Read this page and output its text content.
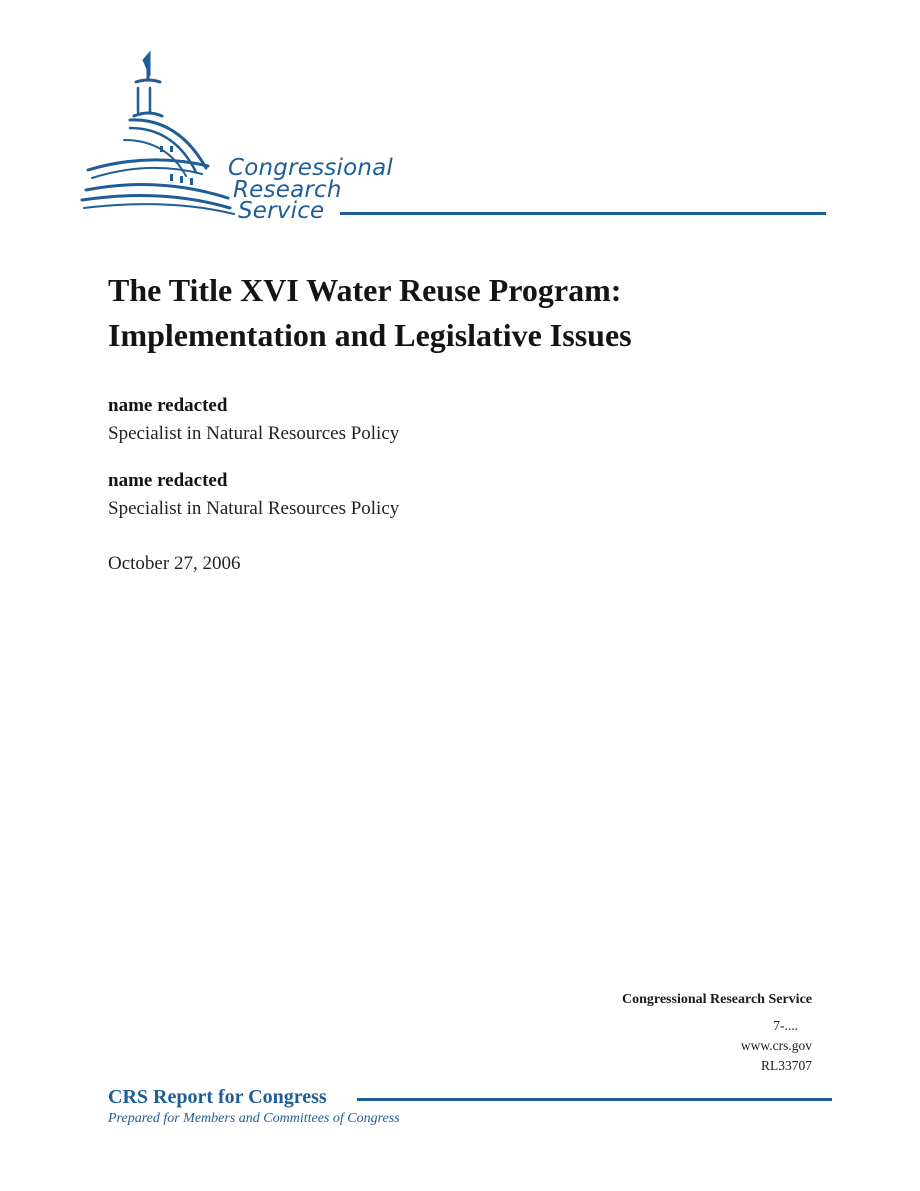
Congressional
Research
Service
The Title XVI Water Reuse Program:
Implementation and Legislative Issues
name redacted
Specialist in Natural Resources Policy
name redacted
Specialist in Natural Resources Policy
October 27, 2006
Congressional Research Service
7-....
www.crs.gov
RL33707
CRS Report for Congress
Prepared for Members and Committees of Congress
